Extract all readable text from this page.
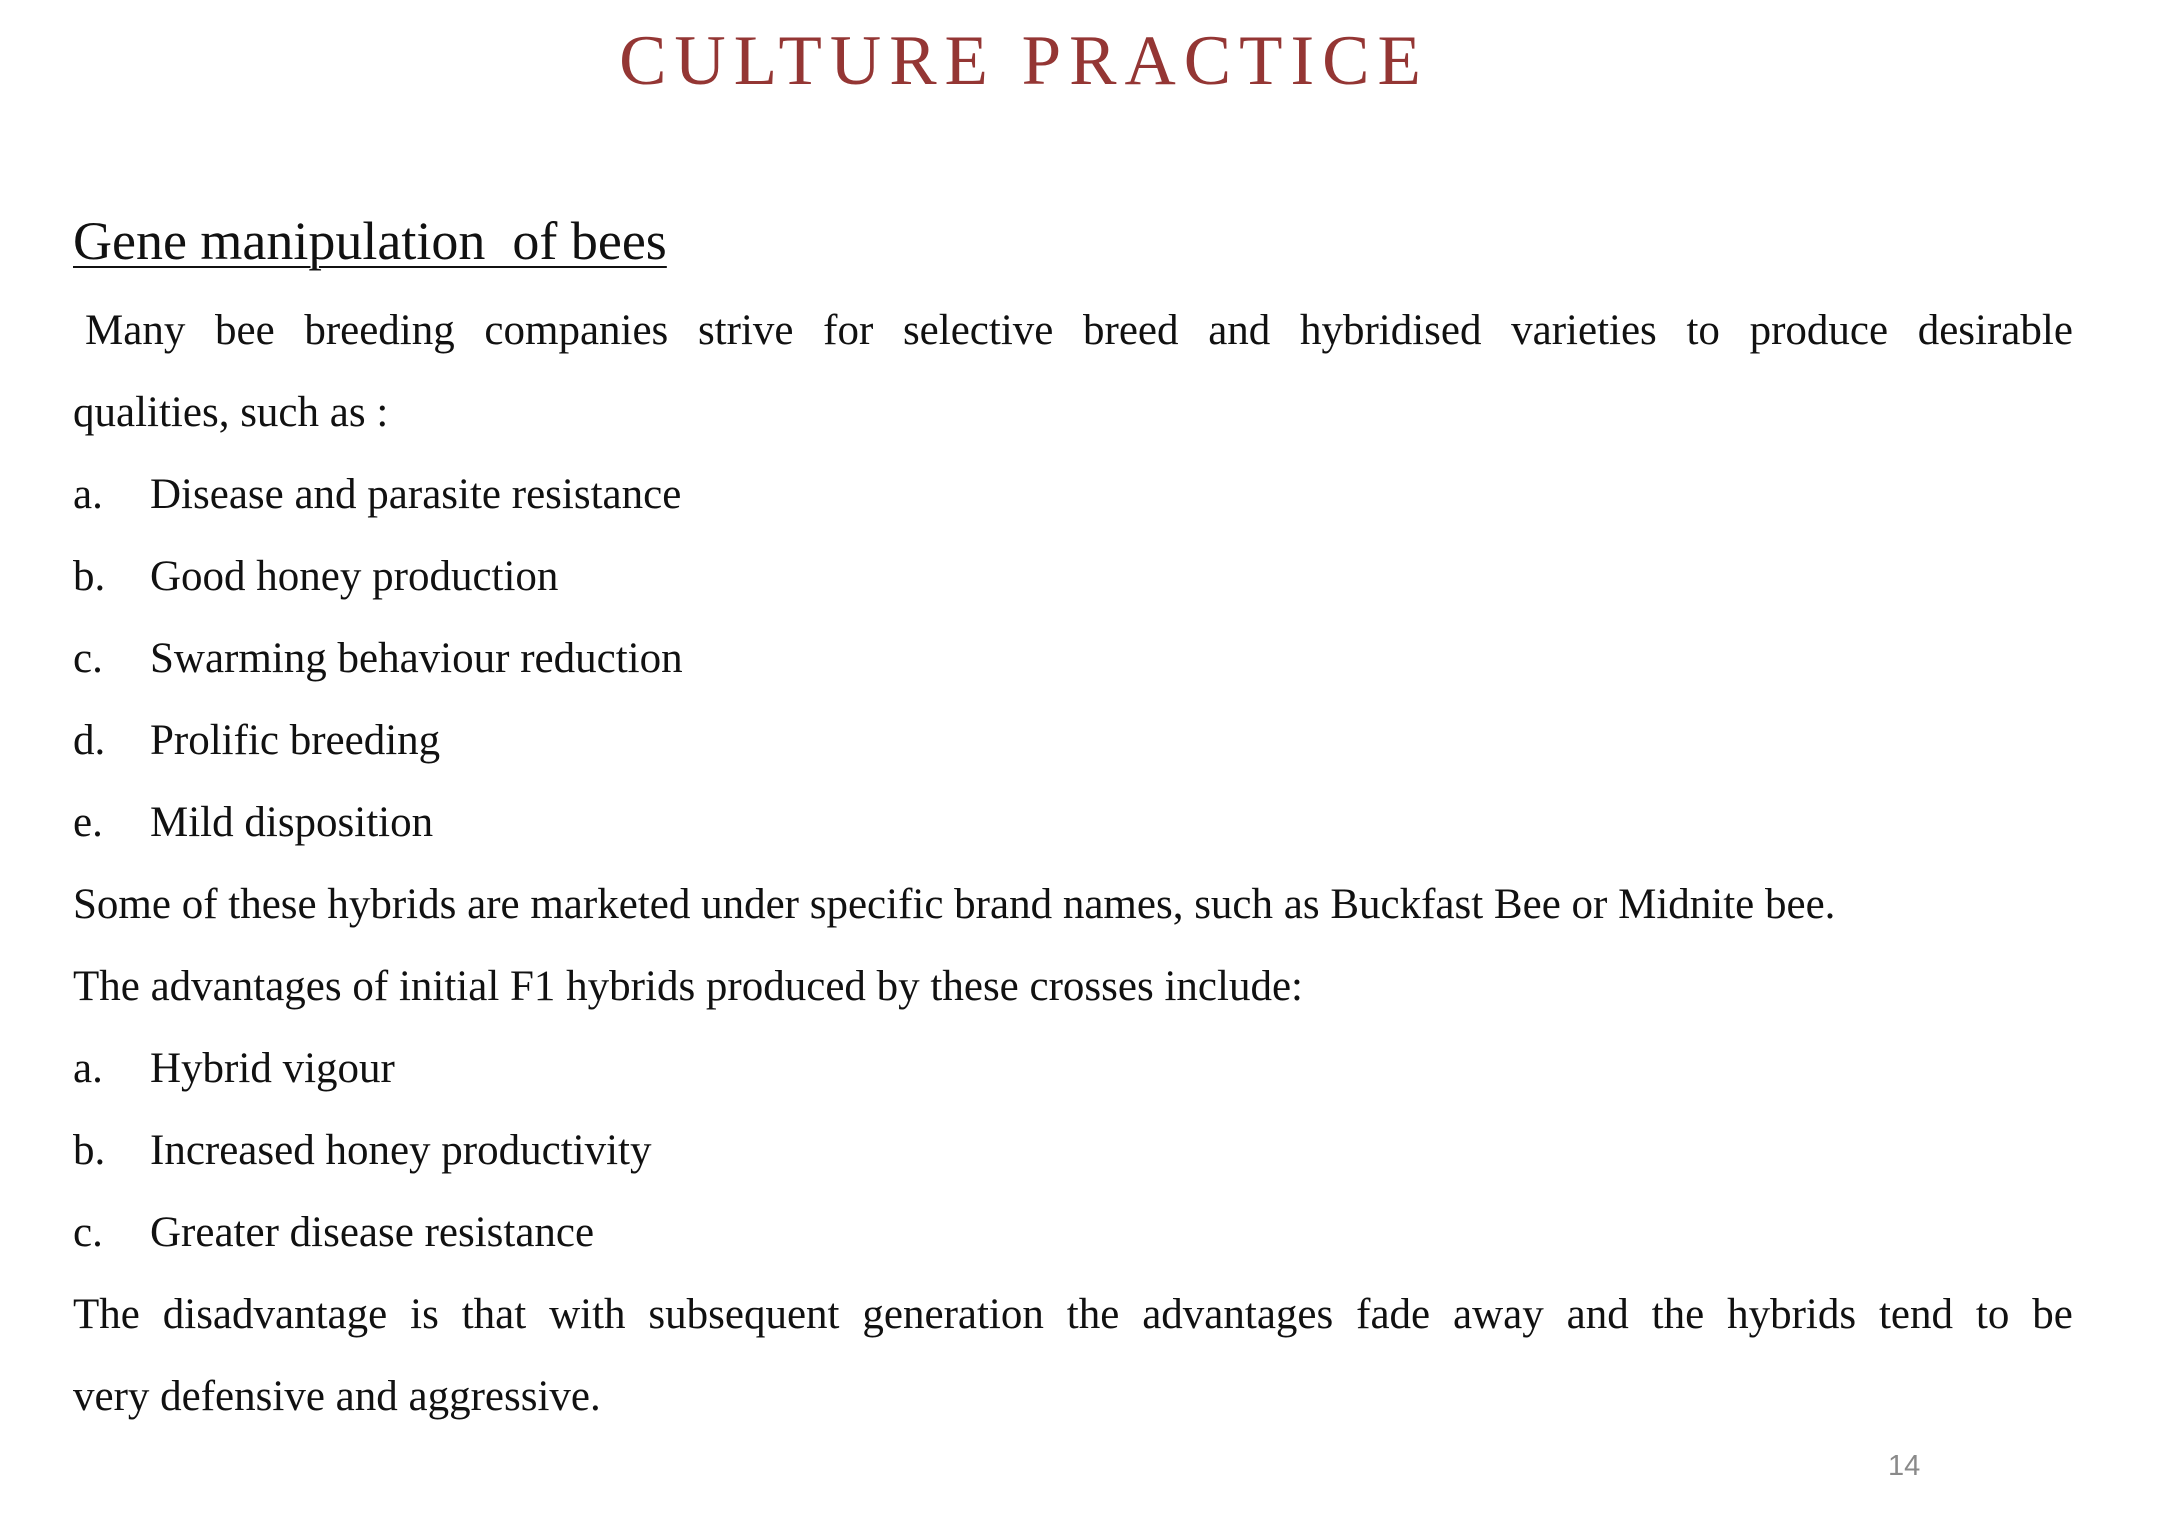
CULTURE PRACTICE
Gene manipulation  of bees
Many bee breeding companies strive for selective breed and hybridised varieties to produce desirable
qualities, such as :
a. Disease and parasite resistance
b. Good honey production
c. Swarming behaviour reduction
d. Prolific breeding
e. Mild disposition
Some of these hybrids are marketed under specific brand names, such as Buckfast Bee or Midnite bee.
The advantages of initial F1 hybrids produced by these crosses include:
a. Hybrid vigour
b. Increased honey productivity
c. Greater disease resistance
The disadvantage is that with subsequent generation the advantages fade away and the hybrids tend to be
very defensive and aggressive.
14
